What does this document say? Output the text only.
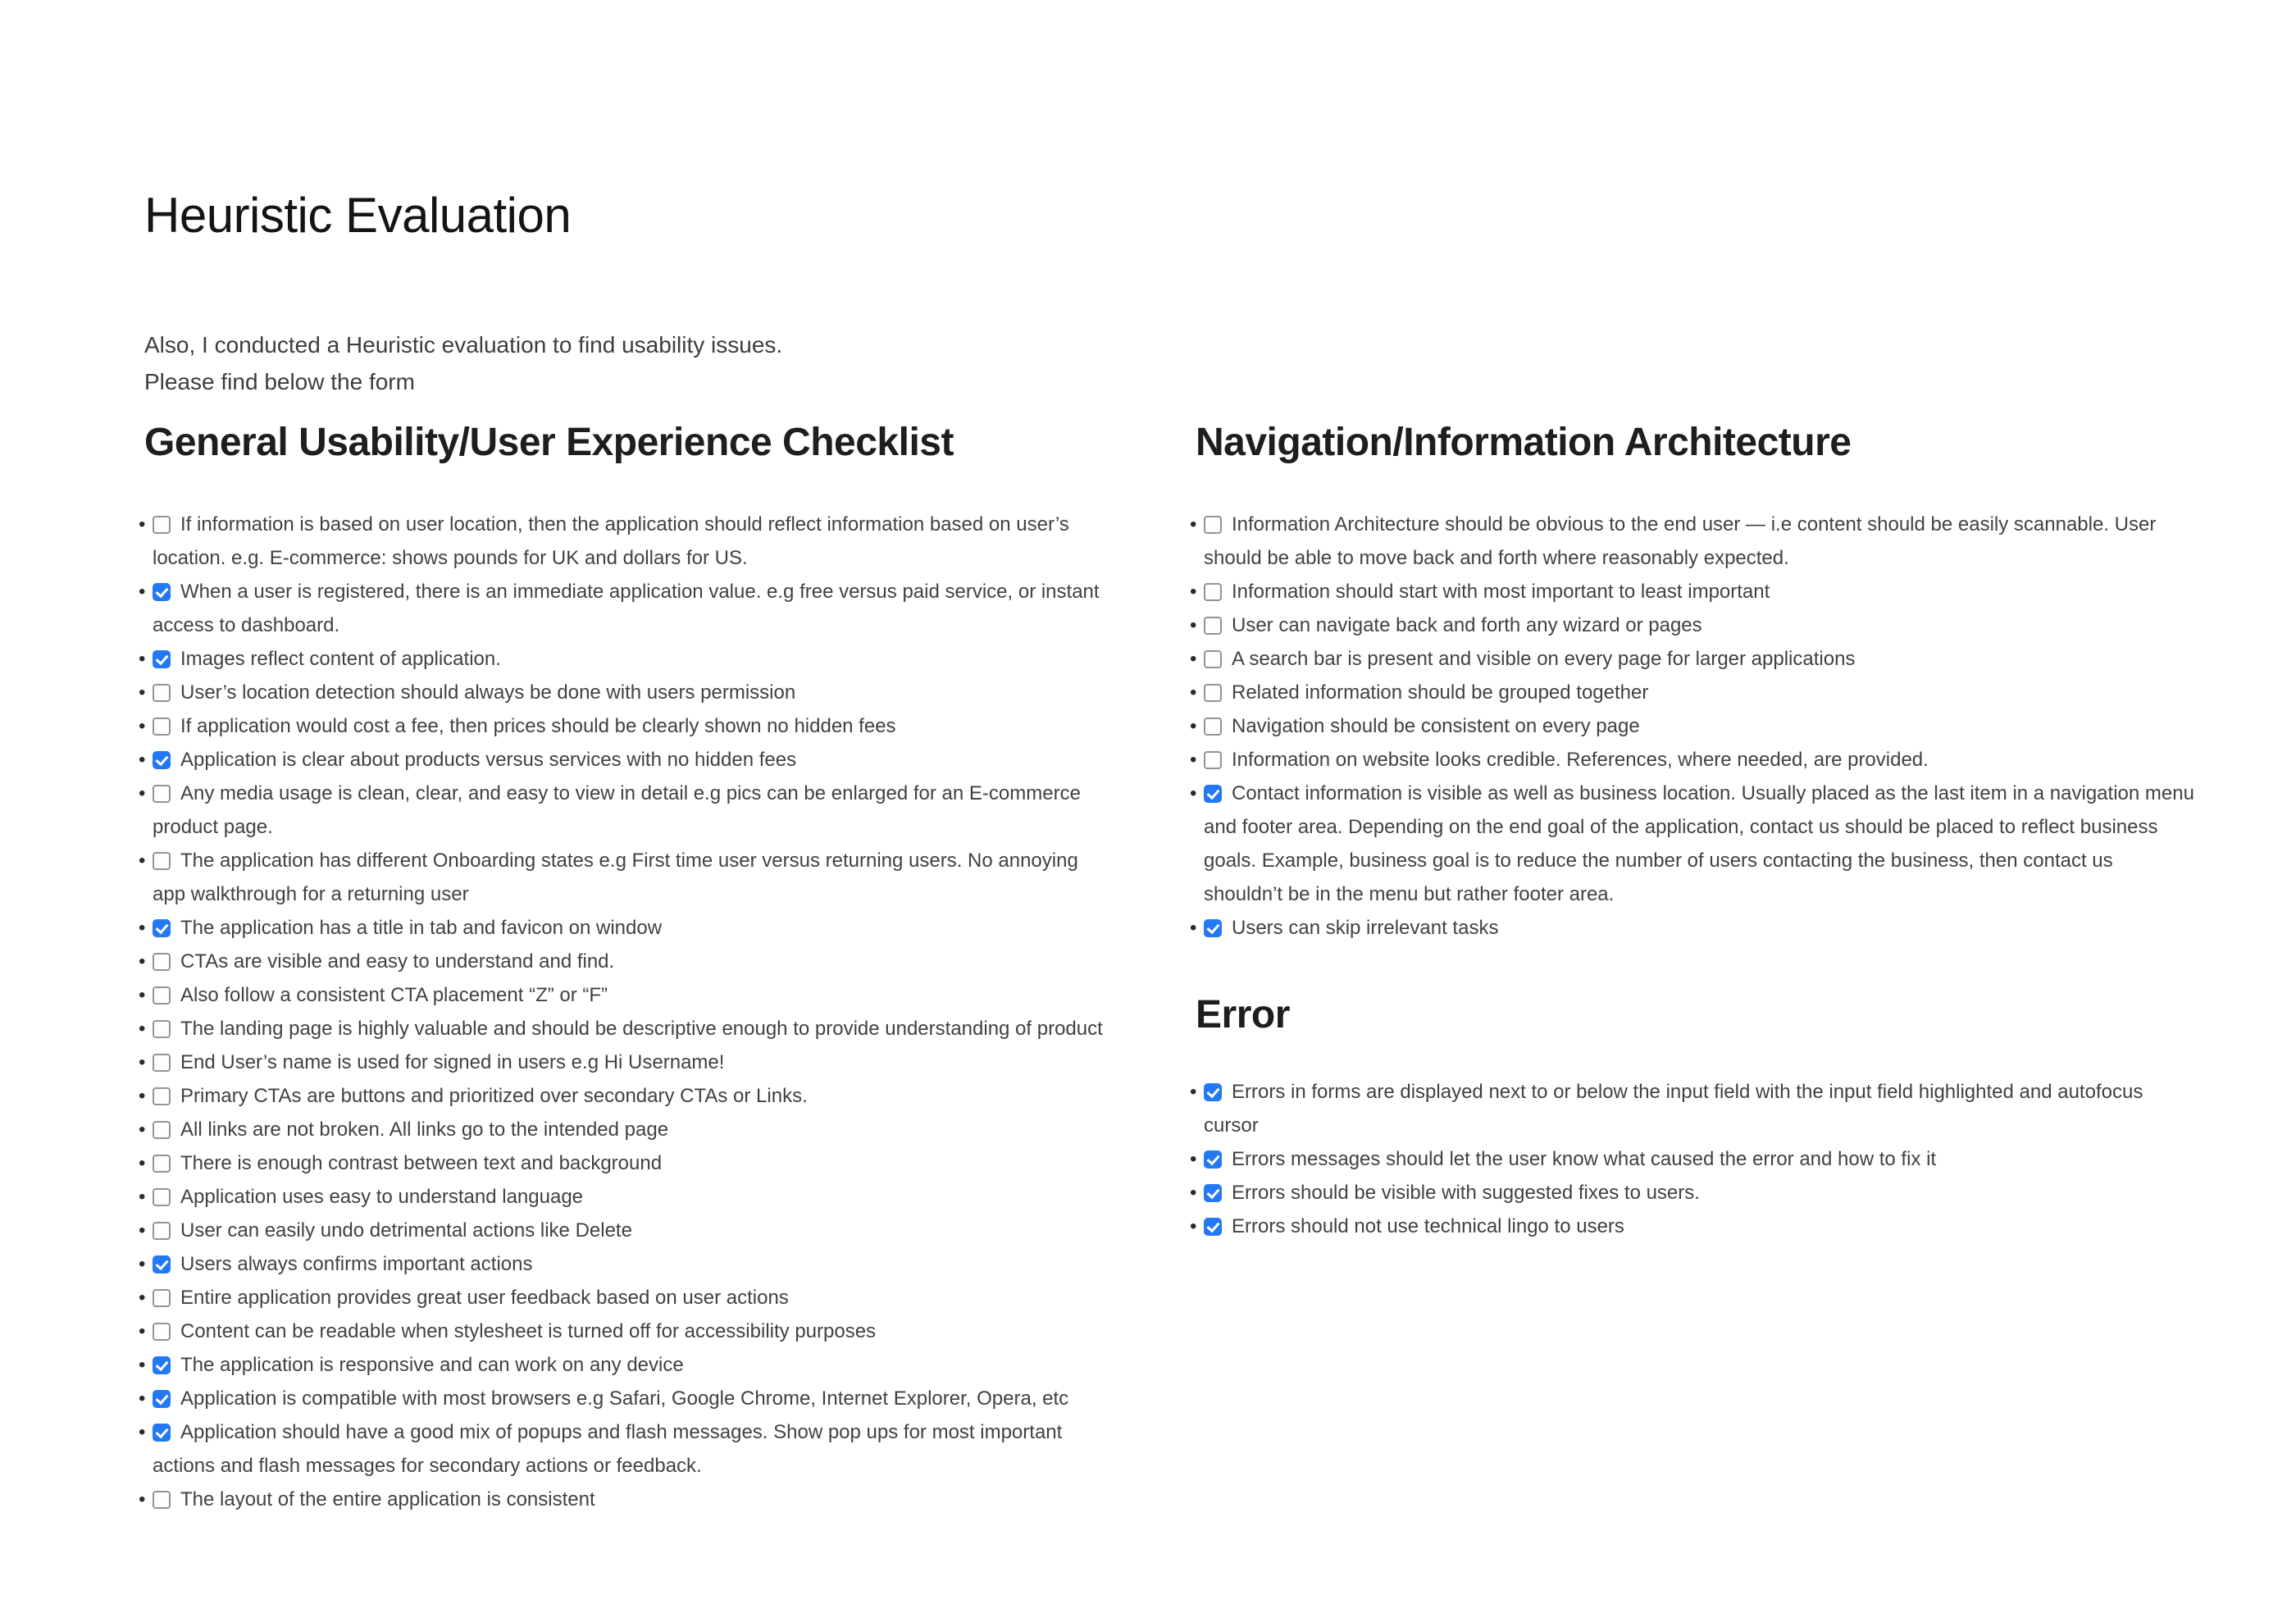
Heuristic Evaluation
Also, I conducted a Heuristic evaluation to find usability issues.
Please find below the form
General Usability/User Experience Checklist
• If information is based on user location, then the application should reflect information based on user’s location. e.g. E-commerce: shows pounds for UK and dollars for US.
• When a user is registered, there is an immediate application value. e.g free versus paid service, or instant access to dashboard.
• Images reflect content of application.
• User’s location detection should always be done with users permission
• If application would cost a fee, then prices should be clearly shown no hidden fees
• Application is clear about products versus services with no hidden fees
• Any media usage is clean, clear, and easy to view in detail e.g pics can be enlarged for an E-commerce product page.
• The application has different Onboarding states e.g First time user versus returning users. No annoying app walkthrough for a returning user
• The application has a title in tab and favicon on window
• CTAs are visible and easy to understand and find.
• Also follow a consistent CTA placement “Z” or “F”
• The landing page is highly valuable and should be descriptive enough to provide understanding of product
• End User’s name is used for signed in users e.g Hi Username!
• Primary CTAs are buttons and prioritized over secondary CTAs or Links.
• All links are not broken. All links go to the intended page
• There is enough contrast between text and background
• Application uses easy to understand language
• User can easily undo detrimental actions like Delete
• Users always confirms important actions
• Entire application provides great user feedback based on user actions
• Content can be readable when stylesheet is turned off for accessibility purposes
• The application is responsive and can work on any device
• Application is compatible with most browsers e.g Safari, Google Chrome, Internet Explorer, Opera, etc
• Application should have a good mix of popups and flash messages. Show pop ups for most important actions and flash messages for secondary actions or feedback.
• The layout of the entire application is consistent
Navigation/Information Architecture
• Information Architecture should be obvious to the end user — i.e content should be easily scannable. User should be able to move back and forth where reasonably expected.
• Information should start with most important to least important
• User can navigate back and forth any wizard or pages
• A search bar is present and visible on every page for larger applications
• Related information should be grouped together
• Navigation should be consistent on every page
• Information on website looks credible. References, where needed, are provided.
• Contact information is visible as well as business location. Usually placed as the last item in a navigation menu and footer area. Depending on the end goal of the application, contact us should be placed to reflect business goals. Example, business goal is to reduce the number of users contacting the business, then contact us shouldn’t be in the menu but rather footer area.
• Users can skip irrelevant tasks
Error
• Errors in forms are displayed next to or below the input field with the input field highlighted and autofocus cursor
• Errors messages should let the user know what caused the error and how to fix it
• Errors should be visible with suggested fixes to users.
• Errors should not use technical lingo to users
